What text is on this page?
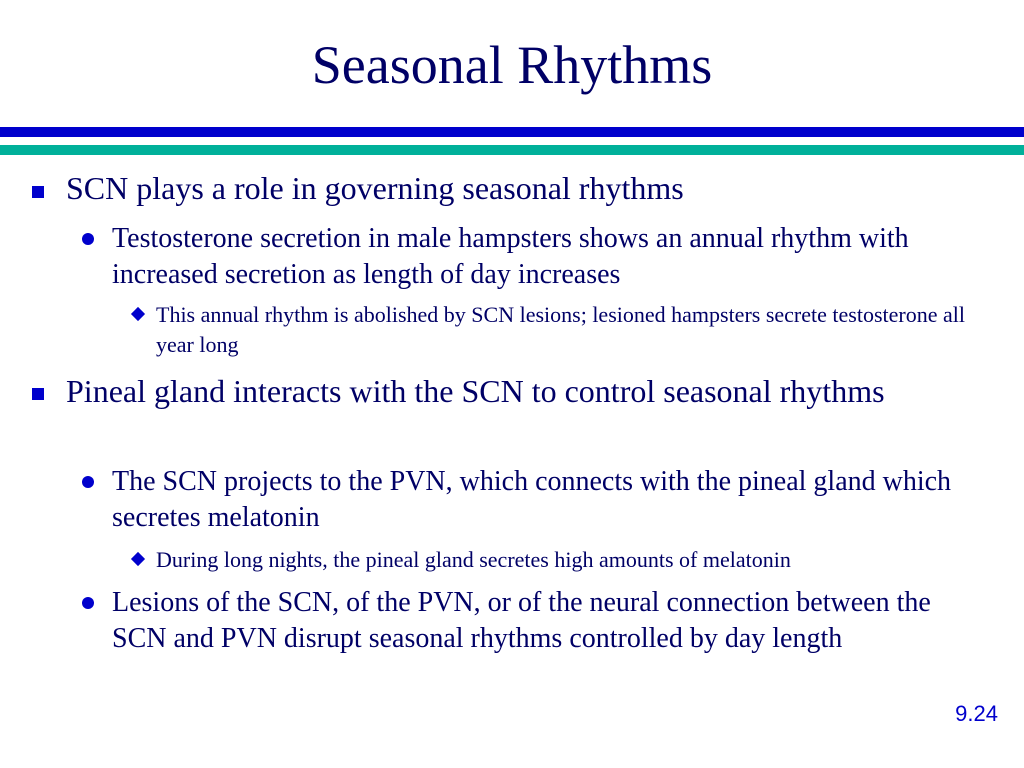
Seasonal Rhythms
SCN plays a role in governing seasonal rhythms
Testosterone secretion in male hampsters shows an annual rhythm with increased secretion as length of day increases
This annual rhythm is abolished by SCN lesions; lesioned hampsters secrete testosterone all year long
Pineal gland interacts with the SCN to control seasonal rhythms
The SCN projects to the PVN, which connects with the pineal gland which secretes melatonin
During long nights, the pineal gland secretes high amounts of melatonin
Lesions of the SCN, of the PVN, or of the neural connection between the SCN and PVN disrupt seasonal rhythms controlled by day length
9.24
